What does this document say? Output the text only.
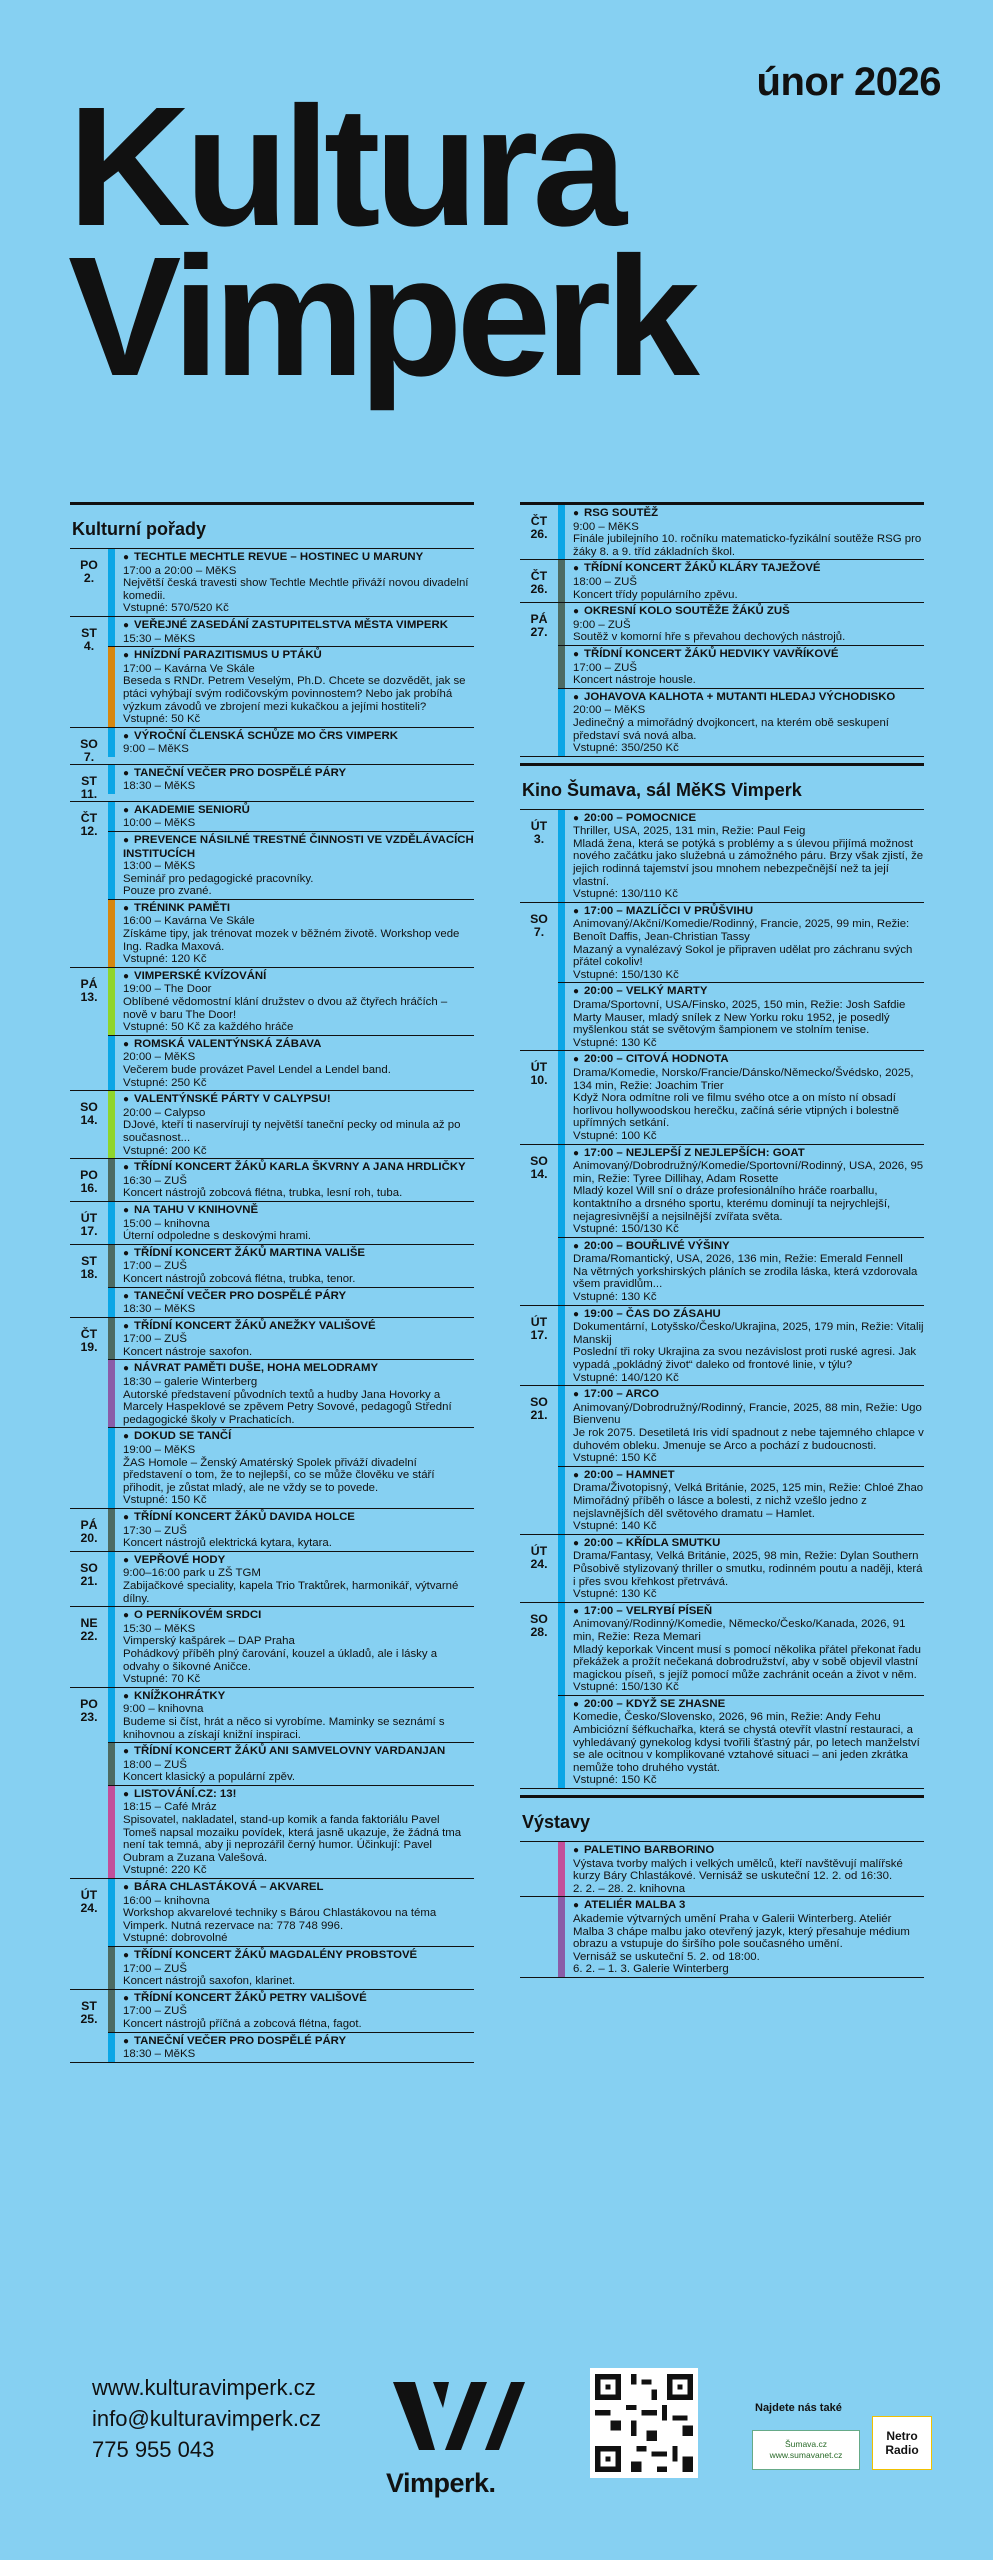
únor 2026
Kultura
Vimperk
Kulturní pořady
PO
2.
● TECHTLE MECHTLE REVUE – HOSTINEC U MARUNY
17:00 a 20:00 – MěKS
Největší česká travesti show Techtle Mechtle přiváží novou divadelní komedii.
Vstupné: 570/520 Kč
ST
4.
● VEŘEJNÉ ZASEDÁNÍ ZASTUPITELSTVA MĚSTA VIMPERK
15:30 – MěKS
● HNÍZDNÍ PARAZITISMUS U PTÁKŮ
17:00 – Kavárna Ve Skále
Beseda s RNDr. Petrem Veselým, Ph.D. Chcete se dozvědět, jak se ptáci vyhýbají svým rodičovským povinnostem? Nebo jak probíhá výzkum závodů ve zbrojení mezi kukačkou a jejími hostiteli?
Vstupné: 50 Kč
SO
7.
● VÝROČNÍ ČLENSKÁ SCHŮZE MO ČRS VIMPERK
9:00 – MěKS
ST
11.
● TANEČNÍ VEČER PRO DOSPĚLÉ PÁRY
18:30 – MěKS
ČT
12.
● AKADEMIE SENIORŮ
10:00 – MěKS
● PREVENCE NÁSILNÉ TRESTNÉ ČINNOSTI VE VZDĚLÁVACÍCH INSTITUCÍCH
13:00 – MěKS
Seminář pro pedagogické pracovníky.
Pouze pro zvané.
● TRÉNINK PAMĚTI
16:00 – Kavárna Ve Skále
Získáme tipy, jak trénovat mozek v běžném životě. Workshop vede Ing. Radka Maxová.
Vstupné: 120 Kč
PÁ
13.
● VIMPERSKÉ KVÍZOVÁNÍ
19:00 – The Door
Oblíbené vědomostní klání družstev o dvou až čtyřech hráčích – nově v baru The Door!
Vstupné: 50 Kč za každého hráče
● ROMSKÁ VALENTÝNSKÁ ZÁBAVA
20:00 – MěKS
Večerem bude provázet Pavel Lendel a Lendel band.
Vstupné: 250 Kč
SO
14.
● VALENTÝNSKÉ PÁRTY V CALYPSU!
20:00 – Calypso
DJové, kteří ti naservírují ty největší taneční pecky od minula až po současnost...
Vstupné: 200 Kč
PO
16.
● TŘÍDNÍ KONCERT ŽÁKŮ KARLA ŠKVRNY A JANA HRDLIČKY
16:30 – ZUŠ
Koncert nástrojů zobcová flétna, trubka, lesní roh, tuba.
ÚT
17.
● NA TAHU V KNIHOVNĚ
15:00 – knihovna
Úterní odpoledne s deskovými hrami.
ST
18.
● TŘÍDNÍ KONCERT ŽÁKŮ MARTINA VALIŠE
17:00 – ZUŠ
Koncert nástrojů zobcová flétna, trubka, tenor.
● TANEČNÍ VEČER PRO DOSPĚLÉ PÁRY
18:30 – MěKS
ČT
19.
● TŘÍDNÍ KONCERT ŽÁKŮ ANEŽKY VALIŠOVÉ
17:00 – ZUŠ
Koncert nástroje saxofon.
● NÁVRAT PAMĚTI DUŠE, HOHA MELODRAMY
18:30 – galerie Winterberg
Autorské představení původních textů a hudby Jana Hovorky a Marcely Haspeklové se zpěvem Petry Sovové, pedagogů Střední pedagogické školy v Prachaticích.
● DOKUD SE TANČÍ
19:00 – MěKS
ŽAS Homole – Ženský Amatérský Spolek přiváží divadelní představení o tom, že to nejlepší, co se může člověku ve stáří přihodit, je zůstat mladý, ale ne vždy se to povede.
Vstupné: 150 Kč
PÁ
20.
● TŘÍDNÍ KONCERT ŽÁKŮ DAVIDA HOLCE
17:30 – ZUŠ
Koncert nástrojů elektrická kytara, kytara.
SO
21.
● VEPŘOVÉ HODY
9:00–16:00 park u ZŠ TGM
Zabijačkové speciality, kapela Trio Traktůrek, harmonikář, výtvarné dílny.
NE
22.
● O PERNÍKOVÉM SRDCI
15:30 – MěKS
Vimperský kašpárek – DAP Praha
Pohádkový příběh plný čarování, kouzel a úkladů, ale i lásky a odvahy o šikovné Aničce.
Vstupné: 70 Kč
PO
23.
● KNÍŽKOHRÁTKY
9:00 – knihovna
Budeme si číst, hrát a něco si vyrobíme. Maminky se seznámí s knihovnou a získají knižní inspiraci.
● TŘÍDNÍ KONCERT ŽÁKŮ ANI SAMVELOVNY VARDANJAN
18:00 – ZUŠ
Koncert klasický a populární zpěv.
● LISTOVÁNÍ.CZ: 13!
18:15 – Café Mráz
Spisovatel, nakladatel, stand-up komik a fanda faktoriálu Pavel Tomeš napsal mozaiku povídek, která jasně ukazuje, že žádná tma není tak temná, aby ji neprozářil černý humor. Účinkují: Pavel Oubram a Zuzana Valešová.
Vstupné: 220 Kč
ÚT
24.
● BÁRA CHLASTÁKOVÁ – AKVAREL
16:00 – knihovna
Workshop akvarelové techniky s Bárou Chlastákovou na téma Vimperk. Nutná rezervace na: 778 748 996.
Vstupné: dobrovolné
● TŘÍDNÍ KONCERT ŽÁKŮ MAGDALÉNY PROBSTOVÉ
17:00 – ZUŠ
Koncert nástrojů saxofon, klarinet.
ST
25.
● TŘÍDNÍ KONCERT ŽÁKŮ PETRY VALIŠOVÉ
17:00 – ZUŠ
Koncert nástrojů příčná a zobcová flétna, fagot.
● TANEČNÍ VEČER PRO DOSPĚLÉ PÁRY
18:30 – MěKS
ČT
26.
● RSG SOUTĚŽ
9:00 – MěKS
Finále jubilejního 10. ročníku matematicko-fyzikální soutěže RSG pro žáky 8. a 9. tříd základních škol.
ČT
26.
● TŘÍDNÍ KONCERT ŽÁKŮ KLÁRY TAJEŽOVÉ
18:00 – ZUŠ
Koncert třídy populárního zpěvu.
PÁ
27.
● OKRESNÍ KOLO SOUTĚŽE ŽÁKŮ ZUŠ
9:00 – ZUŠ
Soutěž v komorní hře s převahou dechových nástrojů.
● TŘÍDNÍ KONCERT ŽÁKŮ HEDVIKY VAVŘÍKOVÉ
17:00 – ZUŠ
Koncert nástroje housle.
● JOHAVOVA KALHOTA + MUTANTI HLEDAJ VÝCHODISKO
20:00 – MěKS
Jedinečný a mimořádný dvojkoncert, na kterém obě seskupení představí svá nová alba.
Vstupné: 350/250 Kč
Kino Šumava, sál MěKS Vimperk
ÚT
3.
● 20:00 – POMOCNICE
Thriller, USA, 2025, 131 min, Režie: Paul Feig
Mladá žena, která se potýká s problémy a s úlevou přijímá možnost nového začátku jako služebná u zámožného páru. Brzy však zjistí, že jejich rodinná tajemství jsou mnohem nebezpečnější než ta její vlastní.
Vstupné: 130/110 Kč
SO
7.
● 17:00 – MAZLÍČCI V PRŮŠVIHU
Animovaný/Akční/Komedie/Rodinný, Francie, 2025, 99 min, Režie: Benoît Daffis, Jean-Christian Tassy
Mazaný a vynalézavý Sokol je připraven udělat pro záchranu svých přátel cokoliv!
Vstupné: 150/130 Kč
● 20:00 – VELKÝ MARTY
Drama/Sportovní, USA/Finsko, 2025, 150 min, Režie: Josh Safdie
Marty Mauser, mladý snílek z New Yorku roku 1952, je posedlý myšlenkou stát se světovým šampionem ve stolním tenise.
Vstupné: 130 Kč
ÚT
10.
● 20:00 – CITOVÁ HODNOTA
Drama/Komedie, Norsko/Francie/Dánsko/Německo/Švédsko, 2025, 134 min, Režie: Joachim Trier
Když Nora odmítne roli ve filmu svého otce a on místo ní obsadí horlivou hollywoodskou herečku, začíná série vtipných i bolestně upřímných setkání.
Vstupné: 100 Kč
SO
14.
● 17:00 – NEJLEPŠÍ Z NEJLEPŠÍCH: GOAT
Animovaný/Dobrodružný/Komedie/Sportovní/Rodinný, USA, 2026, 95 min, Režie: Tyree Dillihay, Adam Rosette
Mladý kozel Will sní o dráze profesionálního hráče roarballu, kontaktního a drsného sportu, kterému dominují ta nejrychlejší, nejagresivnější a nejsilnější zvířata světa.
Vstupné: 150/130 Kč
● 20:00 – BOUŘLIVÉ VÝŠINY
Drama/Romantický, USA, 2026, 136 min, Režie: Emerald Fennell
Na větrných yorkshirských pláních se zrodila láska, která vzdorovala všem pravidlům...
Vstupné: 130 Kč
ÚT
17.
● 19:00 – ČAS DO ZÁSAHU
Dokumentární, Lotyšsko/Česko/Ukrajina, 2025, 179 min, Režie: Vitalij Manskij
Poslední tři roky Ukrajina za svou nezávislost proti ruské agresi. Jak vypadá „pokládný život“ daleko od frontové linie, v týlu?
Vstupné: 140/120 Kč
SO
21.
● 17:00 – ARCO
Animovaný/Dobrodružný/Rodinný, Francie, 2025, 88 min, Režie: Ugo Bienvenu
Je rok 2075. Desetiletá Iris vidí spadnout z nebe tajemného chlapce v duhovém obleku. Jmenuje se Arco a pochází z budoucnosti.
Vstupné: 150 Kč
● 20:00 – HAMNET
Drama/Životopisný, Velká Británie, 2025, 125 min, Režie: Chloé Zhao
Mimořádný příběh o lásce a bolesti, z nichž vzešlo jedno z nejslavnějších děl světového dramatu – Hamlet.
Vstupné: 140 Kč
ÚT
24.
● 20:00 – KŘÍDLA SMUTKU
Drama/Fantasy, Velká Británie, 2025, 98 min, Režie: Dylan Southern
Působivě stylizovaný thriller o smutku, rodinném poutu a naději, která i přes svou křehkost přetrvává.
Vstupné: 130 Kč
SO
28.
● 17:00 – VELRYBÍ PÍSEŇ
Animovaný/Rodinný/Komedie, Německo/Česko/Kanada, 2026, 91 min, Režie: Reza Memari
Mladý keporkak Vincent musí s pomocí několika přátel překonat řadu překážek a prožít nečekaná dobrodružství, aby v sobě objevil vlastní magickou píseň, s jejíž pomocí může zachránit oceán a život v něm.
Vstupné: 150/130 Kč
● 20:00 – KDYŽ SE ZHASNE
Komedie, Česko/Slovensko, 2026, 96 min, Režie: Andy Fehu
Ambiciózní šéfkuchařka, která se chystá otevřít vlastní restauraci, a vyhledávaný gynekolog kdysi tvořili šťastný pár, po letech manželství se ale ocitnou v komplikované vztahové situaci – ani jeden zkrátka nemůže toho druhého vystát.
Vstupné: 150 Kč
Výstavy
● PALETINO BARBORINO
Výstava tvorby malých i velkých umělců, kteří navštěvují malířské kurzy Báry Chlastákové. Vernisáž se uskuteční 12. 2. od 16:30.
2. 2. – 28. 2. knihovna
● ATELIÉR MALBA 3
Akademie výtvarných umění Praha v Galerii Winterberg. Ateliér Malba 3 chápe malbu jako otevřený jazyk, který přesahuje médium obrazu a vstupuje do širšího pole současného umění.
Vernisáž se uskuteční 5. 2. od 18:00.
6. 2. – 1. 3. Galerie Winterberg
www.kulturavimperk.cz
info@kulturavimperk.cz
775 955 043
Vimperk.
Najdete nás také
Šumava.cz www.sumavanet.cz
Netro Radio
